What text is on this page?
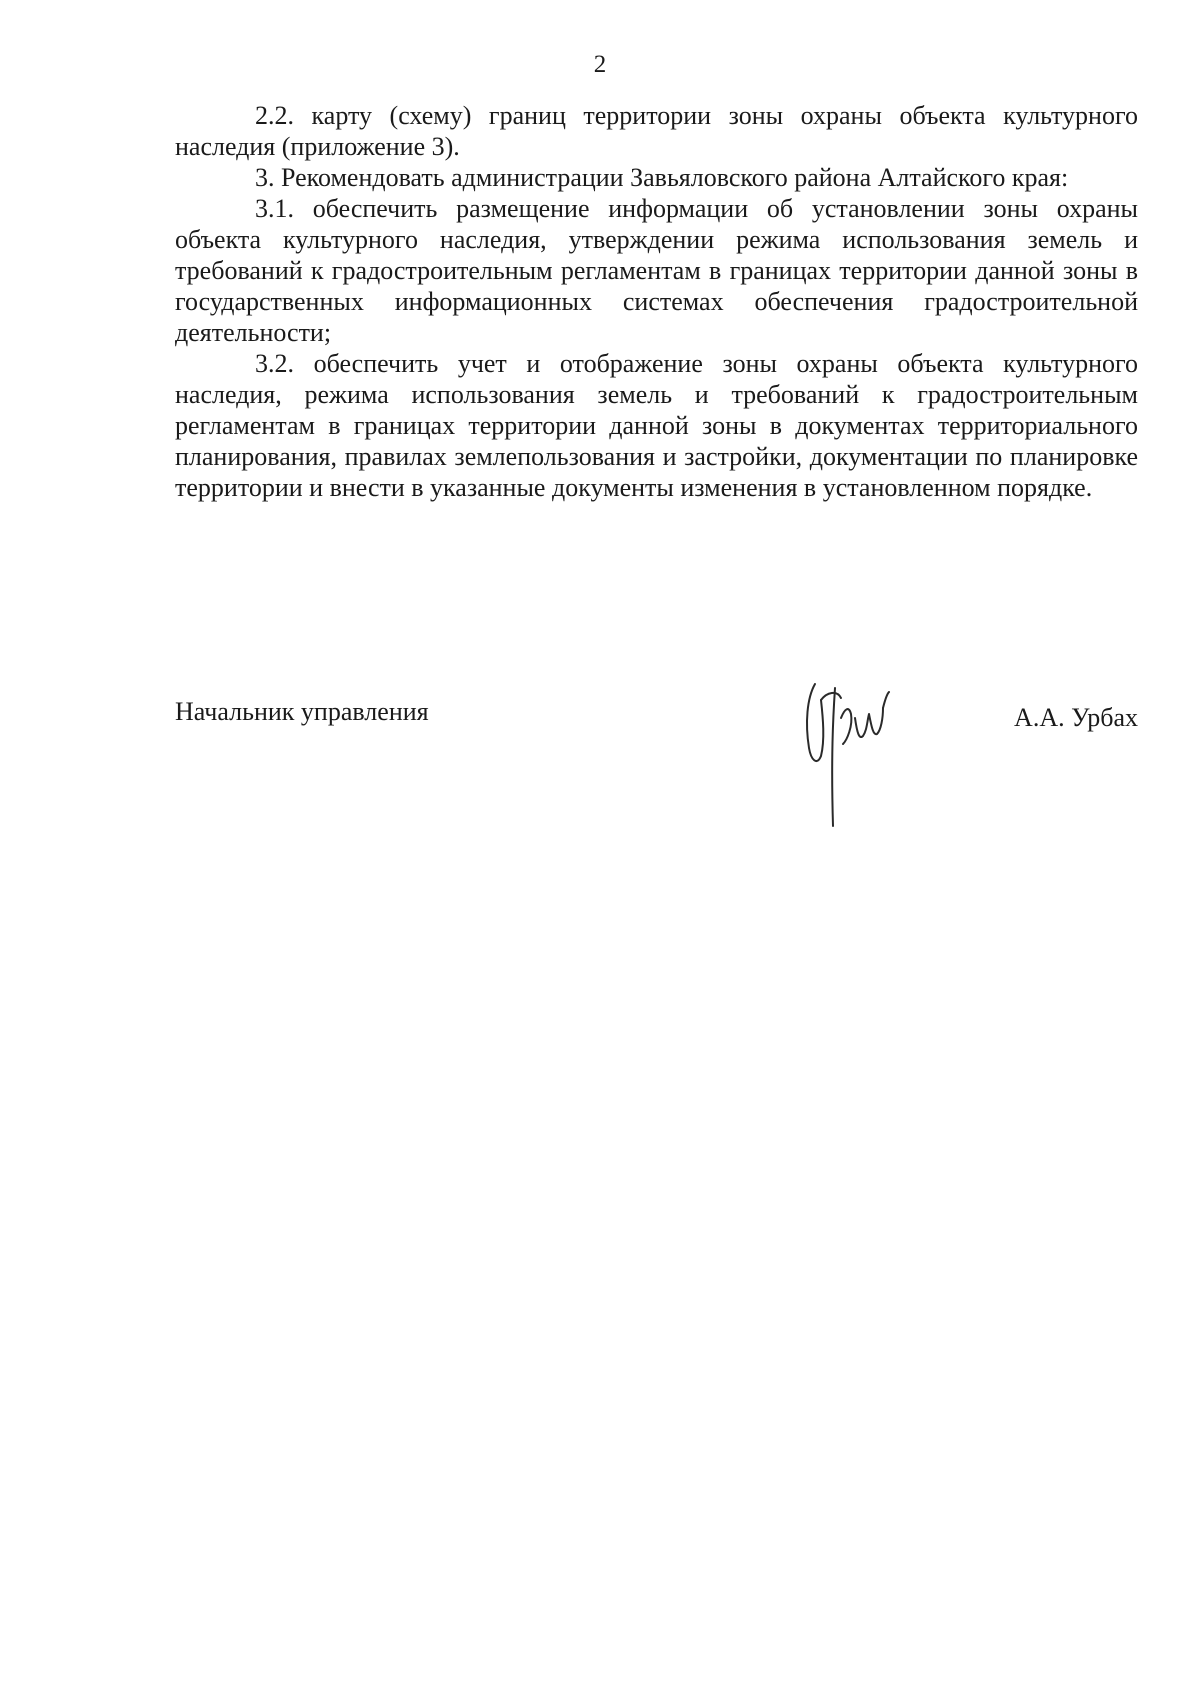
2

2.2. карту (схему) границ территории зоны охраны объекта культурного наследия (приложение 3).

3. Рекомендовать администрации Завьяловского района Алтайского края:

3.1. обеспечить размещение информации об установлении зоны охраны объекта культурного наследия, утверждении режима использования земель и требований к градостроительным регламентам в границах территории данной зоны в государственных информационных системах обеспечения градостроительной деятельности;

3.2. обеспечить учет и отображение зоны охраны объекта культурного наследия, режима использования земель и требований к градостроительным регламентам в границах территории данной зоны в документах территориального планирования, правилах землепользования и застройки, документации по планировке территории и внести в указанные документы изменения в установленном порядке.

Начальник управления	А.А. Урбах
